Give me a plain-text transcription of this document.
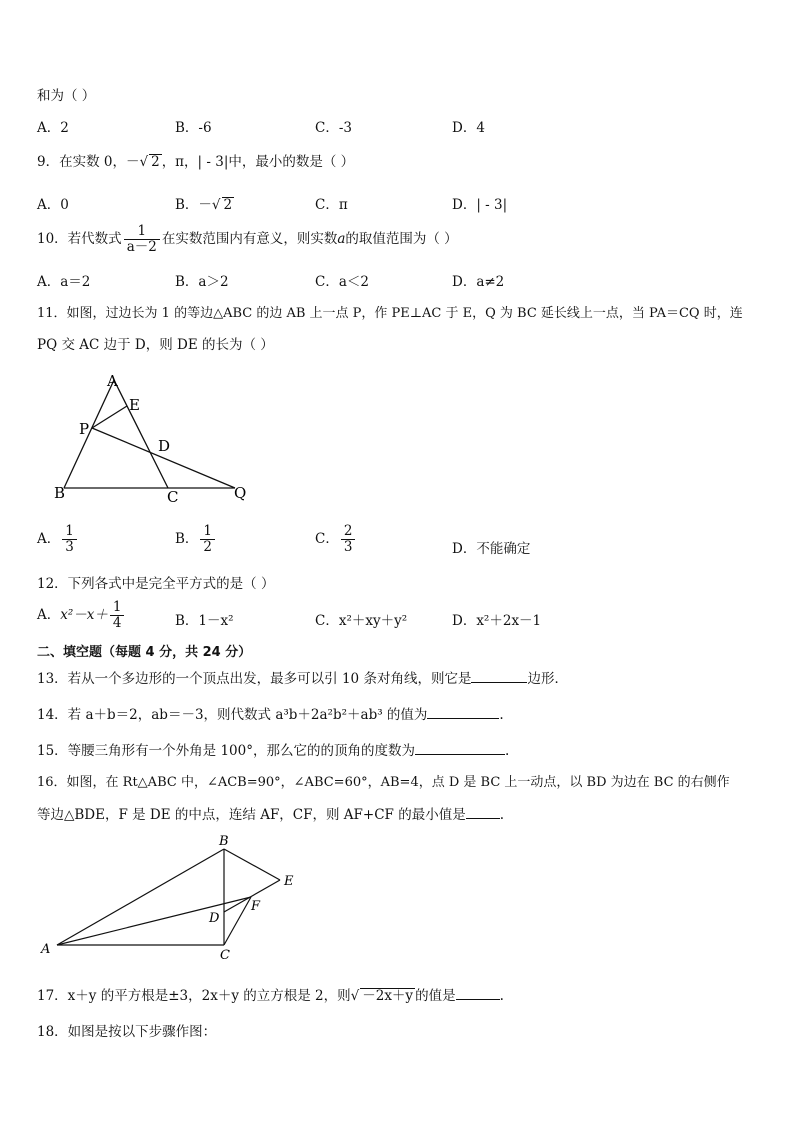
和为（ ）
A．2	B．-6	C．-3	D．4
9．在实数 0，－√ 2 ，π，| - 3|中，最小的数是（ ）
A．0	B．－√ 2	C．π	D．| - 3|
10．若代数式 $\frac{1}{a-2}$ 在实数范围内有意义，则实数a的取值范围为（ ）
A．a＝2	B．a＞2	C．a＜2	D．a≠2
11．如图，过边长为 1 的等边△ABC 的边 AB 上一点 P，作 PE⊥AC 于 E，Q 为 BC 延长线上一点，当 PA＝CQ 时，连
PQ 交 AC 边于 D，则 DE 的长为（ ）
A
E
P
D
B	C	Q
A． $\frac{1}{3}$	B． $\frac{1}{2}$	C． $\frac{2}{3}$	D．不能确定
12．下列各式中是完全平方式的是（ ）
A．$x^2-x+ \frac{1}{4}$	B．1－x²	C．x²＋xy＋y²	D．x²＋2x－1
二、填空题（每题 4 分，共 24 分）
13．若从一个多边形的一个顶点出发，最多可以引 10 条对角线，则它是	边形．
14．若 a＋b＝2，ab＝－3，则代数式 a³b＋2a²b²＋ab³ 的值为	.
15．等腰三角形有一个外角是 100°，那么它的的顶角的度数为	.
16．如图，在 Rt△ABC 中，∠ACB=90°，∠ABC=60°，AB=4，点 D 是 BC 上一动点，以 BD 为边在 BC 的右侧作
等边△BDE，F 是 DE 的中点，连结 AF，CF，则 AF+CF 的最小值是	.
B
E
F
D
A	C
17．x＋y 的平方根是±3，2x＋y 的立方根是 2，则√ －2x＋y 的值是	.
18．如图是按以下步骤作图：
